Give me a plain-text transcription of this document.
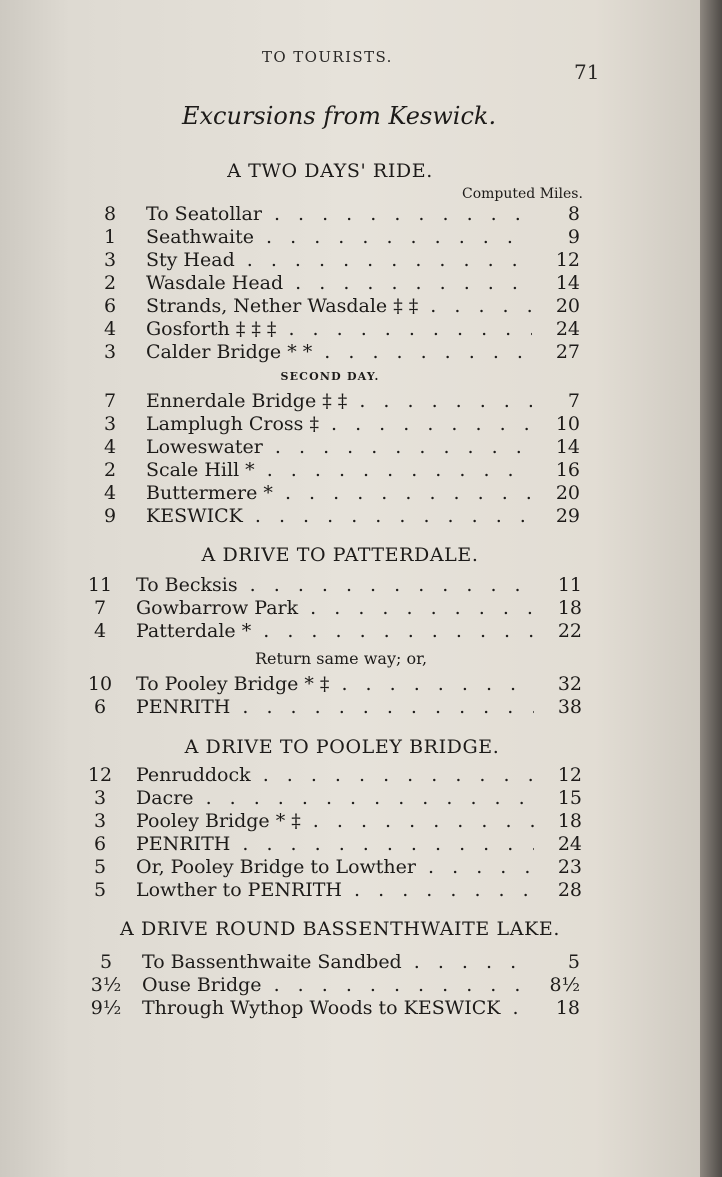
TO TOURISTS.
71
Excursions from Keswick.
A TWO DAYS' RIDE.
Computed Miles.
8	To Seatollar . . .	8
1	Seathwaite . . .	9
3	Sty Head . . .	12
2	Wasdale Head . . .	14
6	Strands, Nether Wasdale ‡ ‡ . . .	20
4	Gosforth ‡ ‡ ‡ . . .	24
3	Calder Bridge * * . . .	27
SECOND DAY.
7	Ennerdale Bridge ‡ ‡ . . .	7
3	Lamplugh Cross ‡ . . .	10
4	Loweswater . . .	14
2	Scale Hill * . . .	16
4	Buttermere * . . .	20
9	KESWICK . . .	29
A DRIVE TO PATTERDALE.
11	To Becksis . . .	11
7	Gowbarrow Park . . .	18
4	Patterdale * . . .	22
Return same way; or,
10	To Pooley Bridge * ‡ . . .	32
6	PENRITH . . .	38
A DRIVE TO POOLEY BRIDGE.
12	Penruddock . . .	12
3	Dacre . . .	15
3	Pooley Bridge * ‡ . . .	18
6	PENRITH . . .	24
5	Or, Pooley Bridge to Lowther . . .	23
5	Lowther to PENRITH . . .	28
A DRIVE ROUND BASSENTHWAITE LAKE.
5	To Bassenthwaite Sandbed . . .	5
3½ Ouse Bridge . . .	8½
9½ Through Wythop Woods to KESWICK . . .	18
